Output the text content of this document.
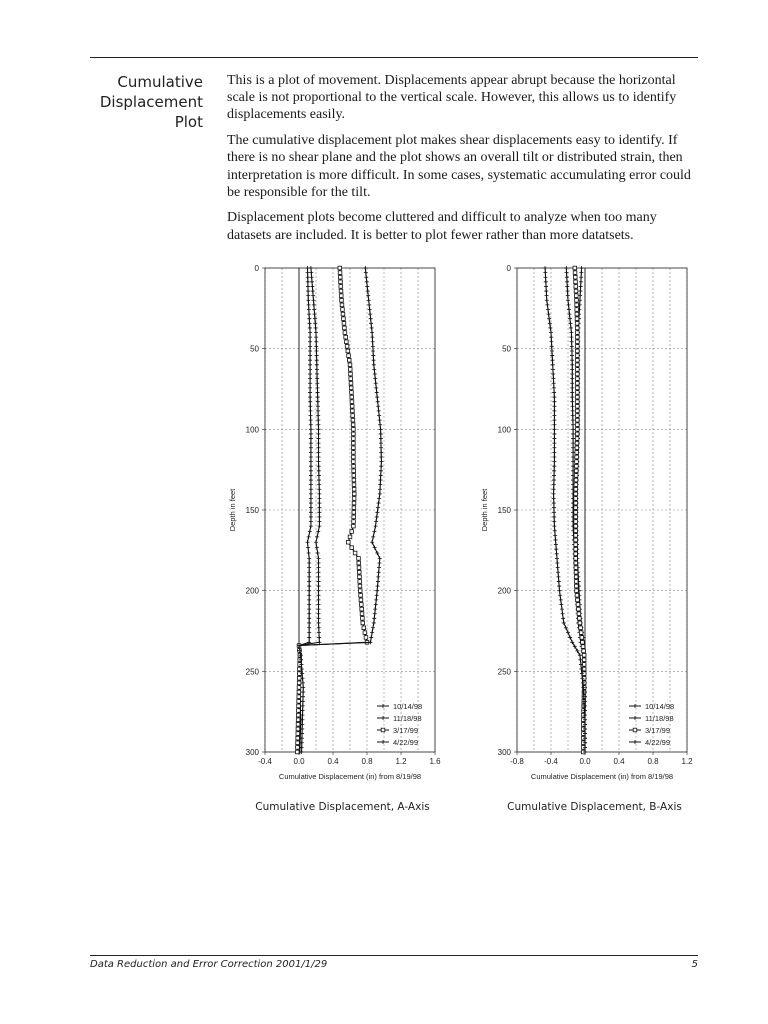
Cumulative
Displacement
Plot

This is a plot of movement. Displacements appear abrupt because the horizontal scale is not proportional to the vertical scale. However, this allows us to identify displacements easily.

The cumulative displacement plot makes shear displacements easy to identify. If there is no shear plane and the plot shows an overall tilt or distributed strain, then interpretation is more difficult. In some cases, systematic accumulating error could be responsible for the tilt.

Displacement plots become cluttered and difficult to analyze when too many datasets are included. It is better to plot fewer rather than more datatsets.

-0.4	0.0	0.4	0.8	1.2	1.6
0
50
100
150
200
250
300
Cumulative Displacement (in) from 8/19/98
Depth in feet
10/14/98
11/18/98
3/17/99
4/22/99
-0.8	-0.4	0.0	0.4	0.8	1.2
0
50
100
150
200
250
300
Cumulative Displacement (in) from 8/19/98
Depth in feet
10/14/98
11/18/98
3/17/99
4/22/99
Cumulative Displacement, A-Axis	Cumulative Displacement, B-Axis
Data Reduction and Error Correction 2001/1/29	5
